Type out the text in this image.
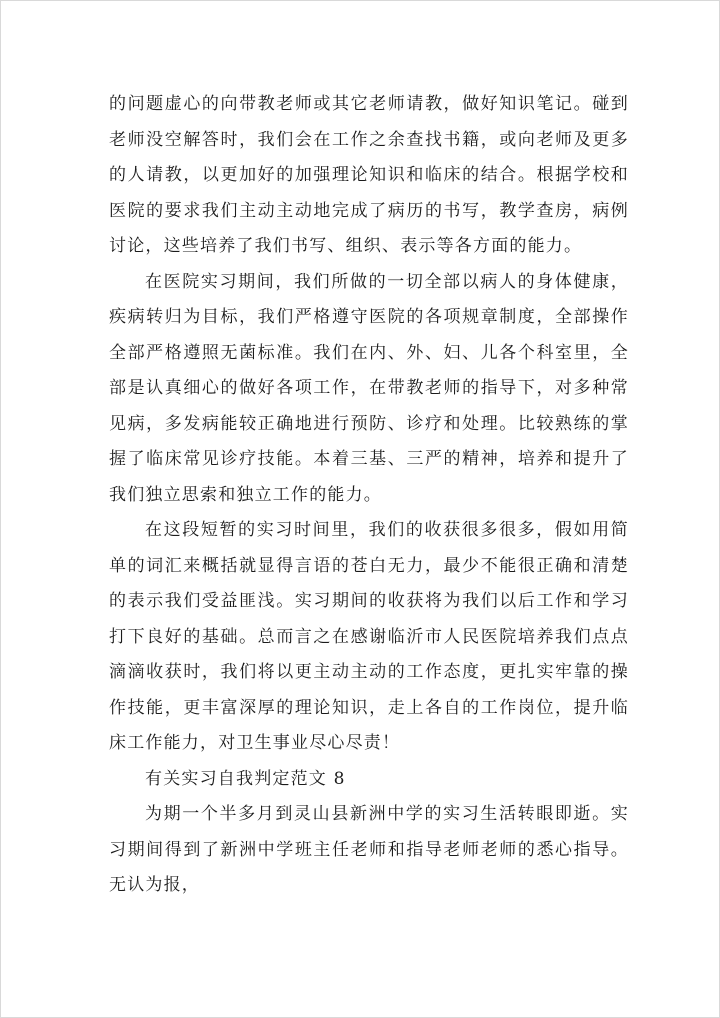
的问题虚心的向带教老师或其它老师请教，做好知识笔记。碰到老师没空解答时，我们会在工作之余查找书籍，或向老师及更多的人请教，以更加好的加强理论知识和临床的结合。根据学校和医院的要求我们主动主动地完成了病历的书写，教学查房，病例讨论，这些培养了我们书写、组织、表示等各方面的能力。

在医院实习期间，我们所做的一切全部以病人的身体健康，疾病转归为目标，我们严格遵守医院的各项规章制度，全部操作全部严格遵照无菌标准。我们在内、外、妇、儿各个科室里，全部是认真细心的做好各项工作，在带教老师的指导下，对多种常见病，多发病能较正确地进行预防、诊疗和处理。比较熟练的掌握了临床常见诊疗技能。本着三基、三严的精神，培养和提升了我们独立思索和独立工作的能力。

在这段短暂的实习时间里，我们的收获很多很多，假如用简单的词汇来概括就显得言语的苍白无力，最少不能很正确和清楚的表示我们受益匪浅。实习期间的收获将为我们以后工作和学习打下良好的基础。总而言之在感谢临沂市人民医院培养我们点点滴滴收获时，我们将以更主动主动的工作态度，更扎实牢靠的操作技能，更丰富深厚的理论知识，走上各自的工作岗位，提升临床工作能力，对卫生事业尽心尽责！

有关实习自我判定范文 8

为期一个半多月到灵山县新洲中学的实习生活转眼即逝。实习期间得到了新洲中学班主任老师和指导老师老师的悉心指导。无认为报，
